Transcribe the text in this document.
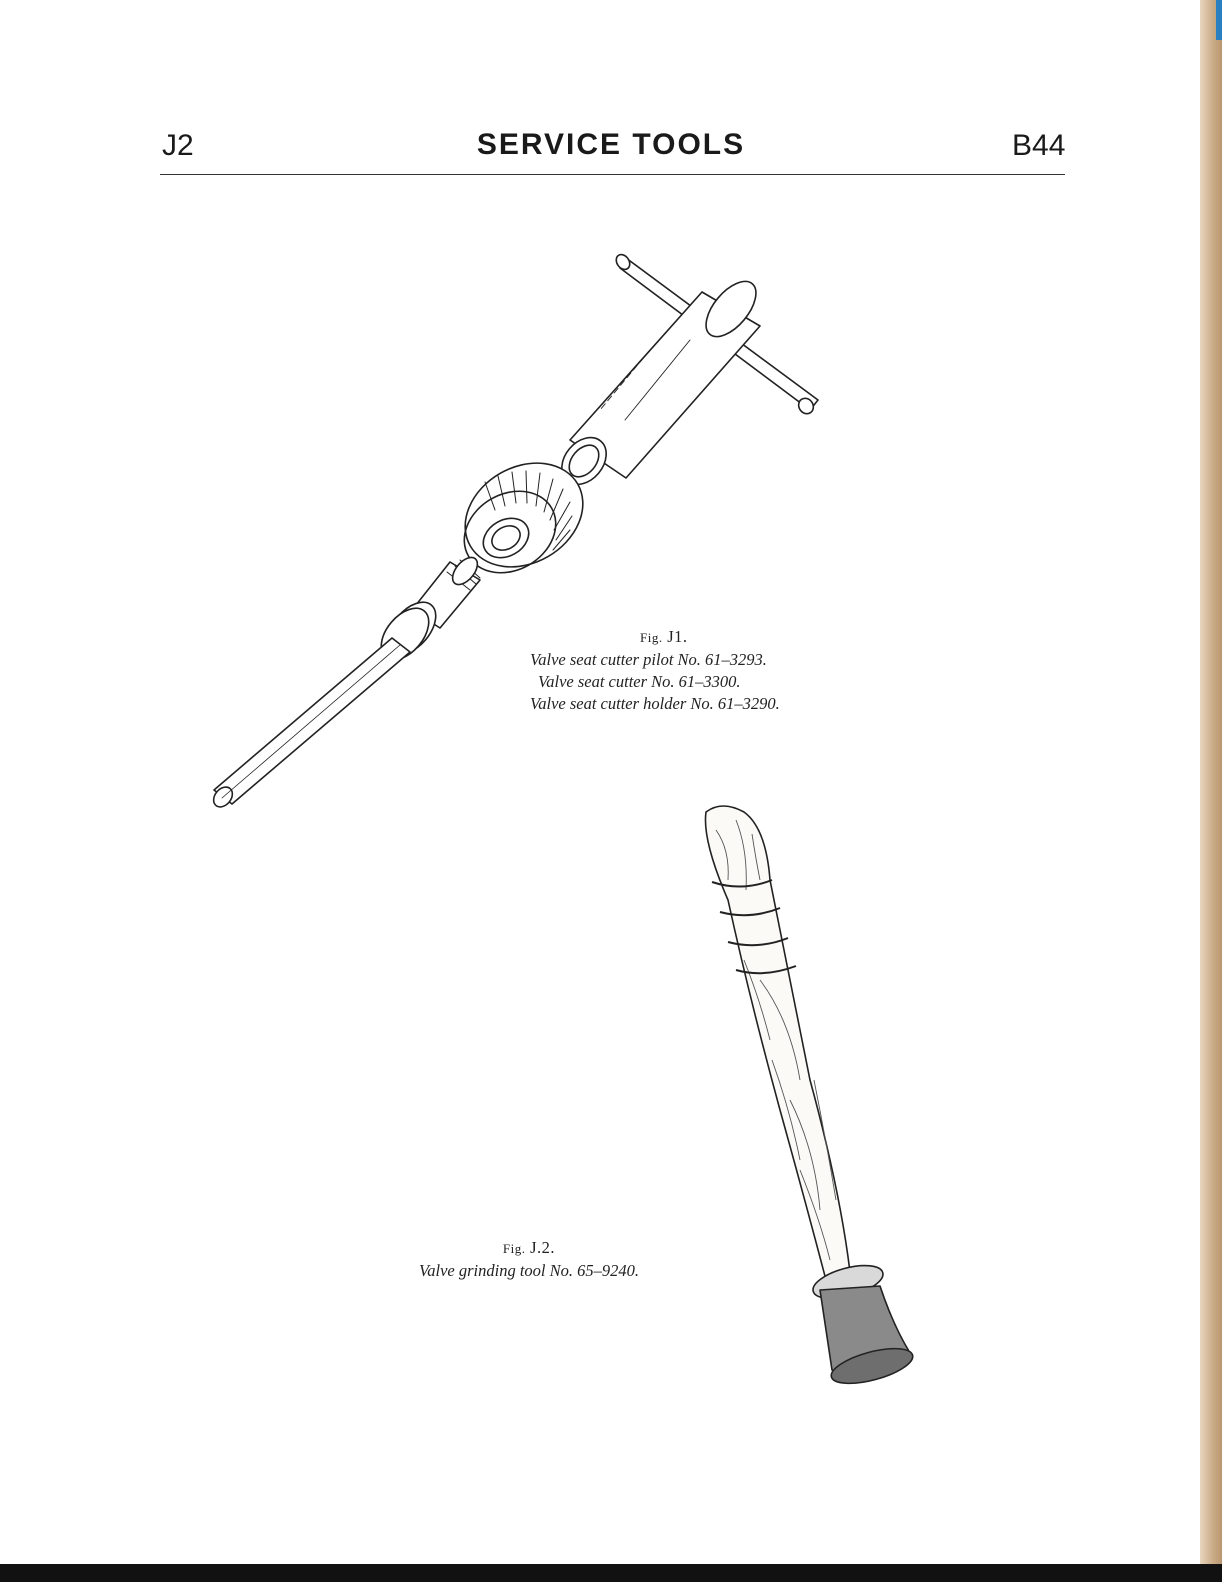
J2	SERVICE TOOLS	B44
Fig. J1.
Valve seat cutter pilot No. 61–3293.
Valve seat cutter No. 61–3300.
Valve seat cutter holder No. 61–3290.
Fig. J.2.
Valve grinding tool No. 65–9240.
